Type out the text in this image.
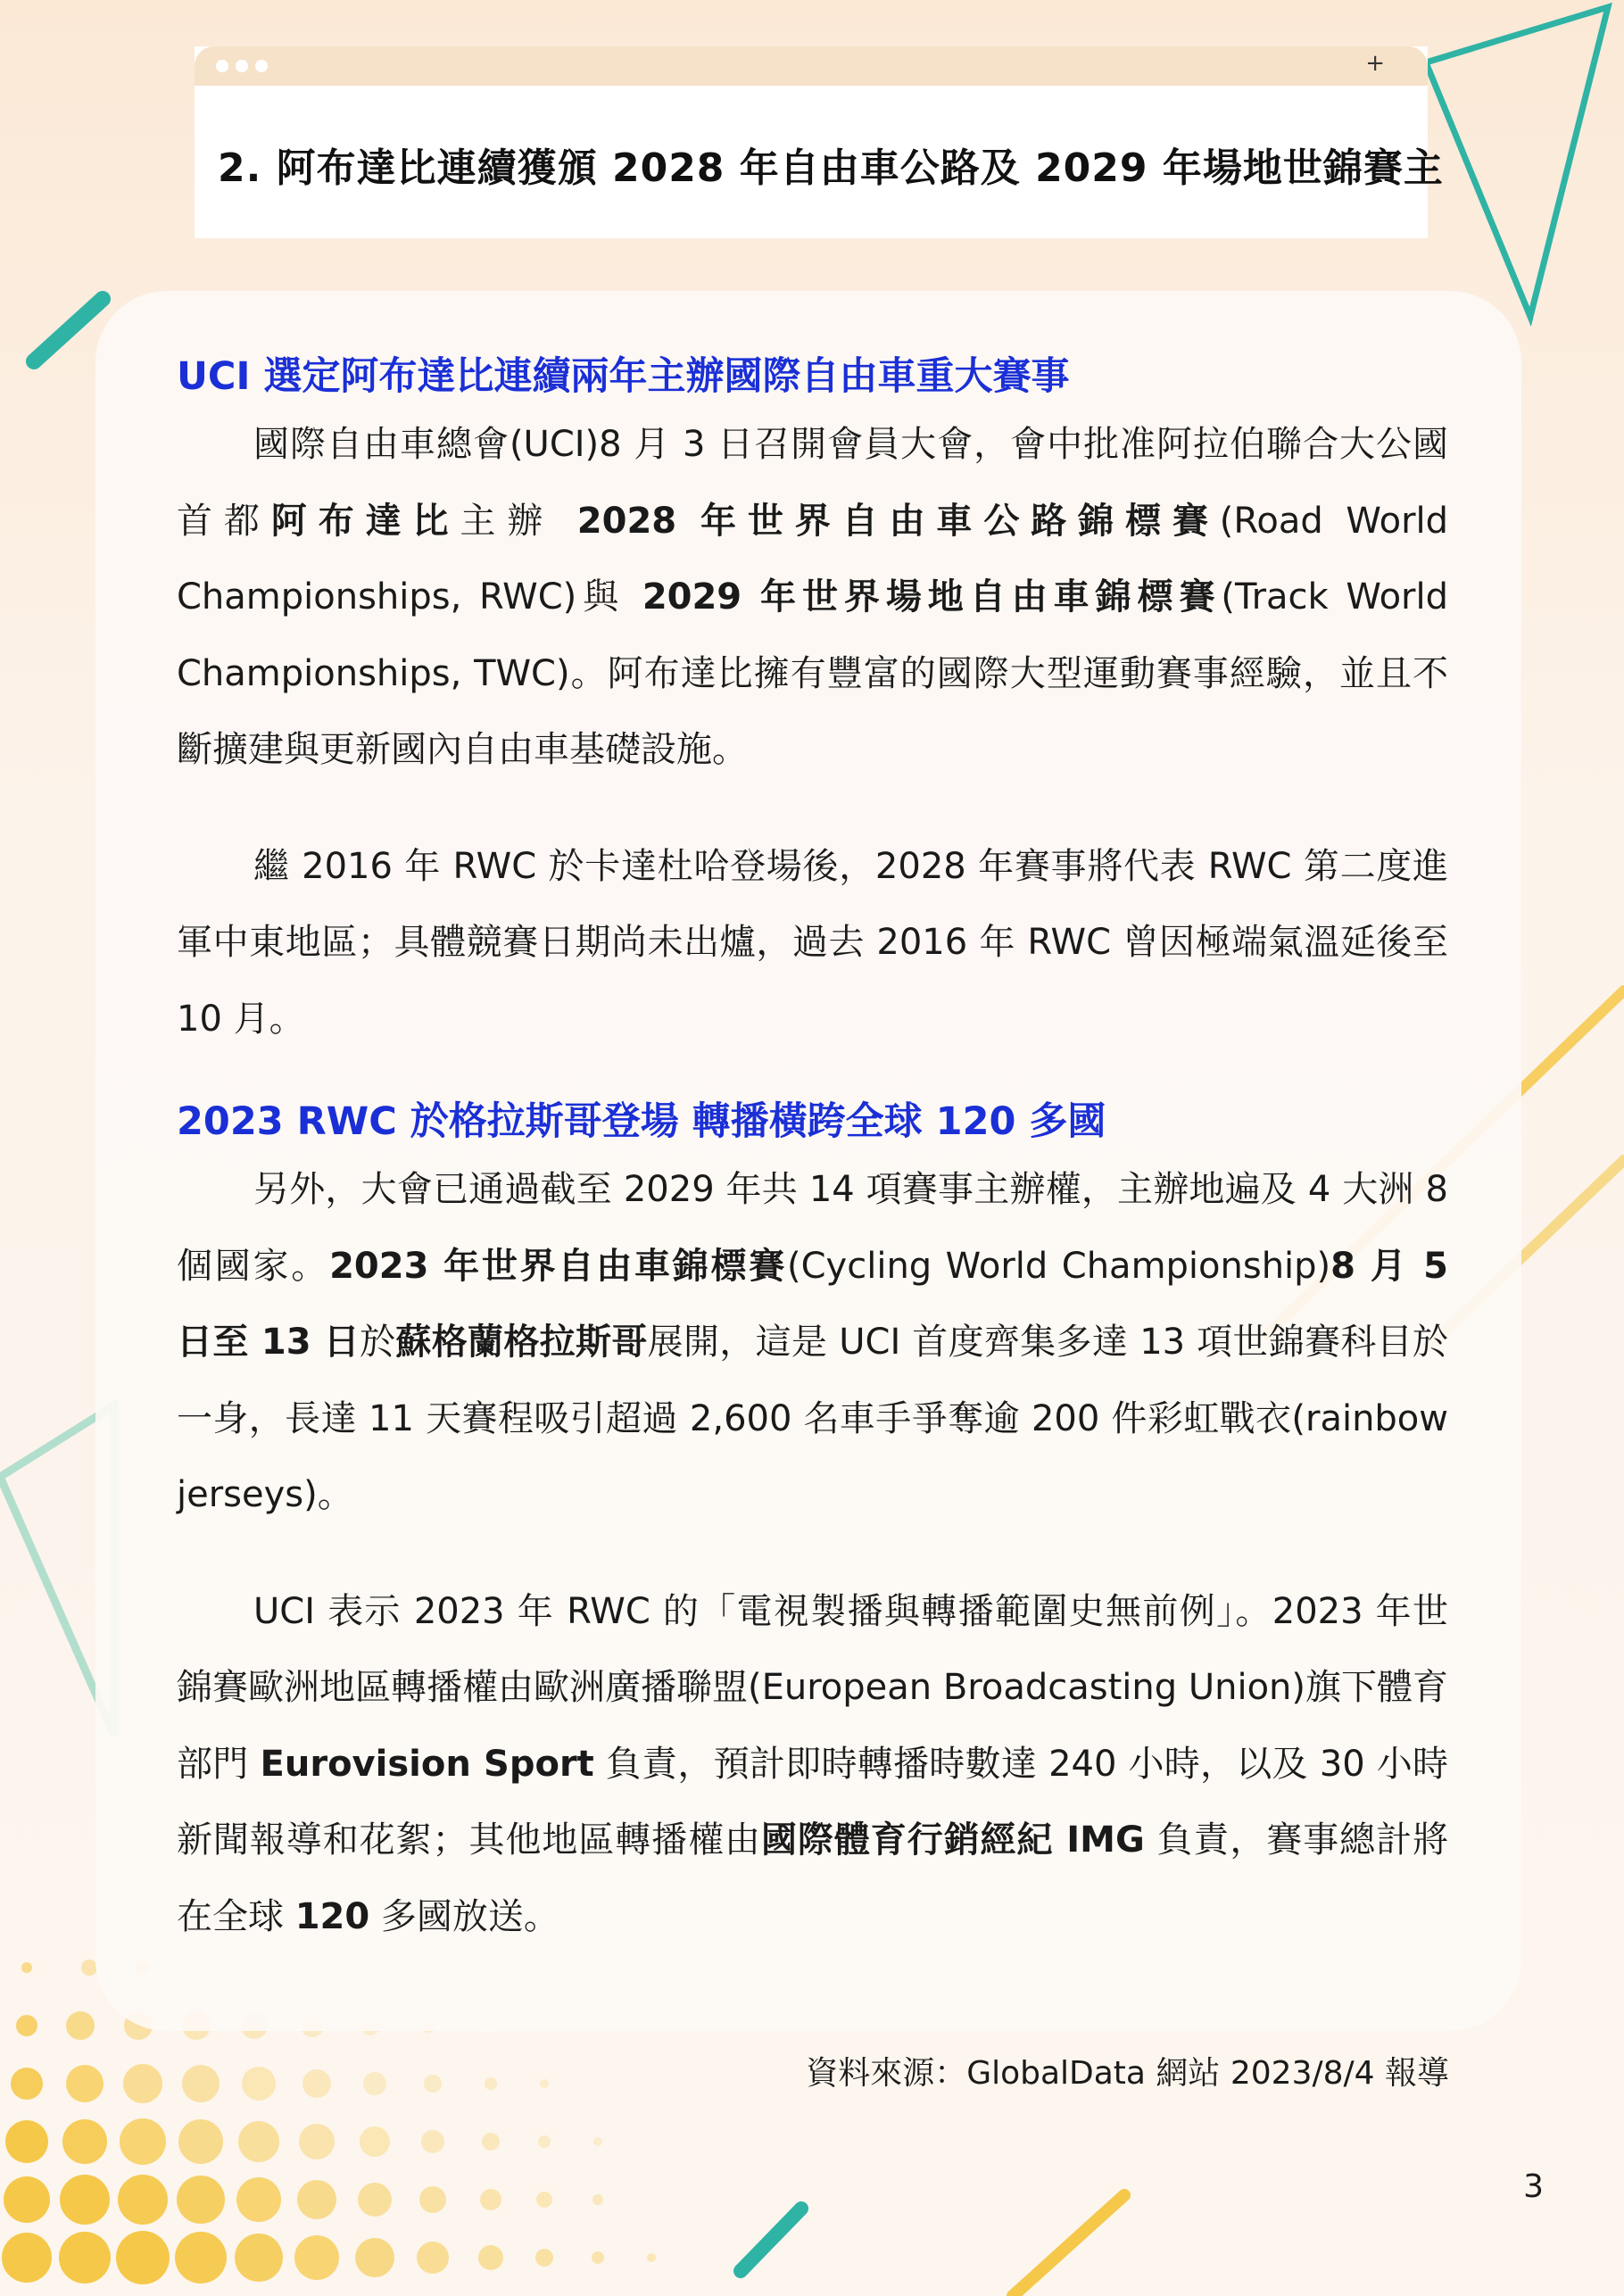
+
2. 阿布達比連續獲頒 2028 年自由車公路及 2029 年場地世錦賽主
UCI 選定阿布達比連續兩年主辦國際自由車重大賽事

國際自由車總會(UCI)8 月 3 日召開會員大會，會中批准阿拉伯聯合大公國首都阿布達比主辦 2028 年世界自由車公路錦標賽(Road World Championships, RWC)與 2029 年世界場地自由車錦標賽(Track World Championships, TWC)。阿布達比擁有豐富的國際大型運動賽事經驗，並且不斷擴建與更新國內自由車基礎設施。

繼 2016 年 RWC 於卡達杜哈登場後，2028 年賽事將代表 RWC 第二度進軍中東地區；具體競賽日期尚未出爐，過去 2016 年 RWC 曾因極端氣溫延後至 10 月。

2023 RWC 於格拉斯哥登場 轉播橫跨全球 120 多國

另外，大會已通過截至 2029 年共 14 項賽事主辦權，主辦地遍及 4 大洲 8 個國家。2023 年世界自由車錦標賽(Cycling World Championship)8 月 5 日至 13 日於蘇格蘭格拉斯哥展開，這是 UCI 首度齊集多達 13 項世錦賽科目於一身，長達 11 天賽程吸引超過 2,600 名車手爭奪逾 200 件彩虹戰衣(rainbow jerseys)。

UCI 表示 2023 年 RWC 的「電視製播與轉播範圍史無前例」。2023 年世錦賽歐洲地區轉播權由歐洲廣播聯盟(European Broadcasting Union)旗下體育部門 Eurovision Sport 負責，預計即時轉播時數達 240 小時，以及 30 小時新聞報導和花絮；其他地區轉播權由國際體育行銷經紀 IMG 負責，賽事總計將在全球 120 多國放送。

資料來源：GlobalData 網站 2023/8/4 報導
3
